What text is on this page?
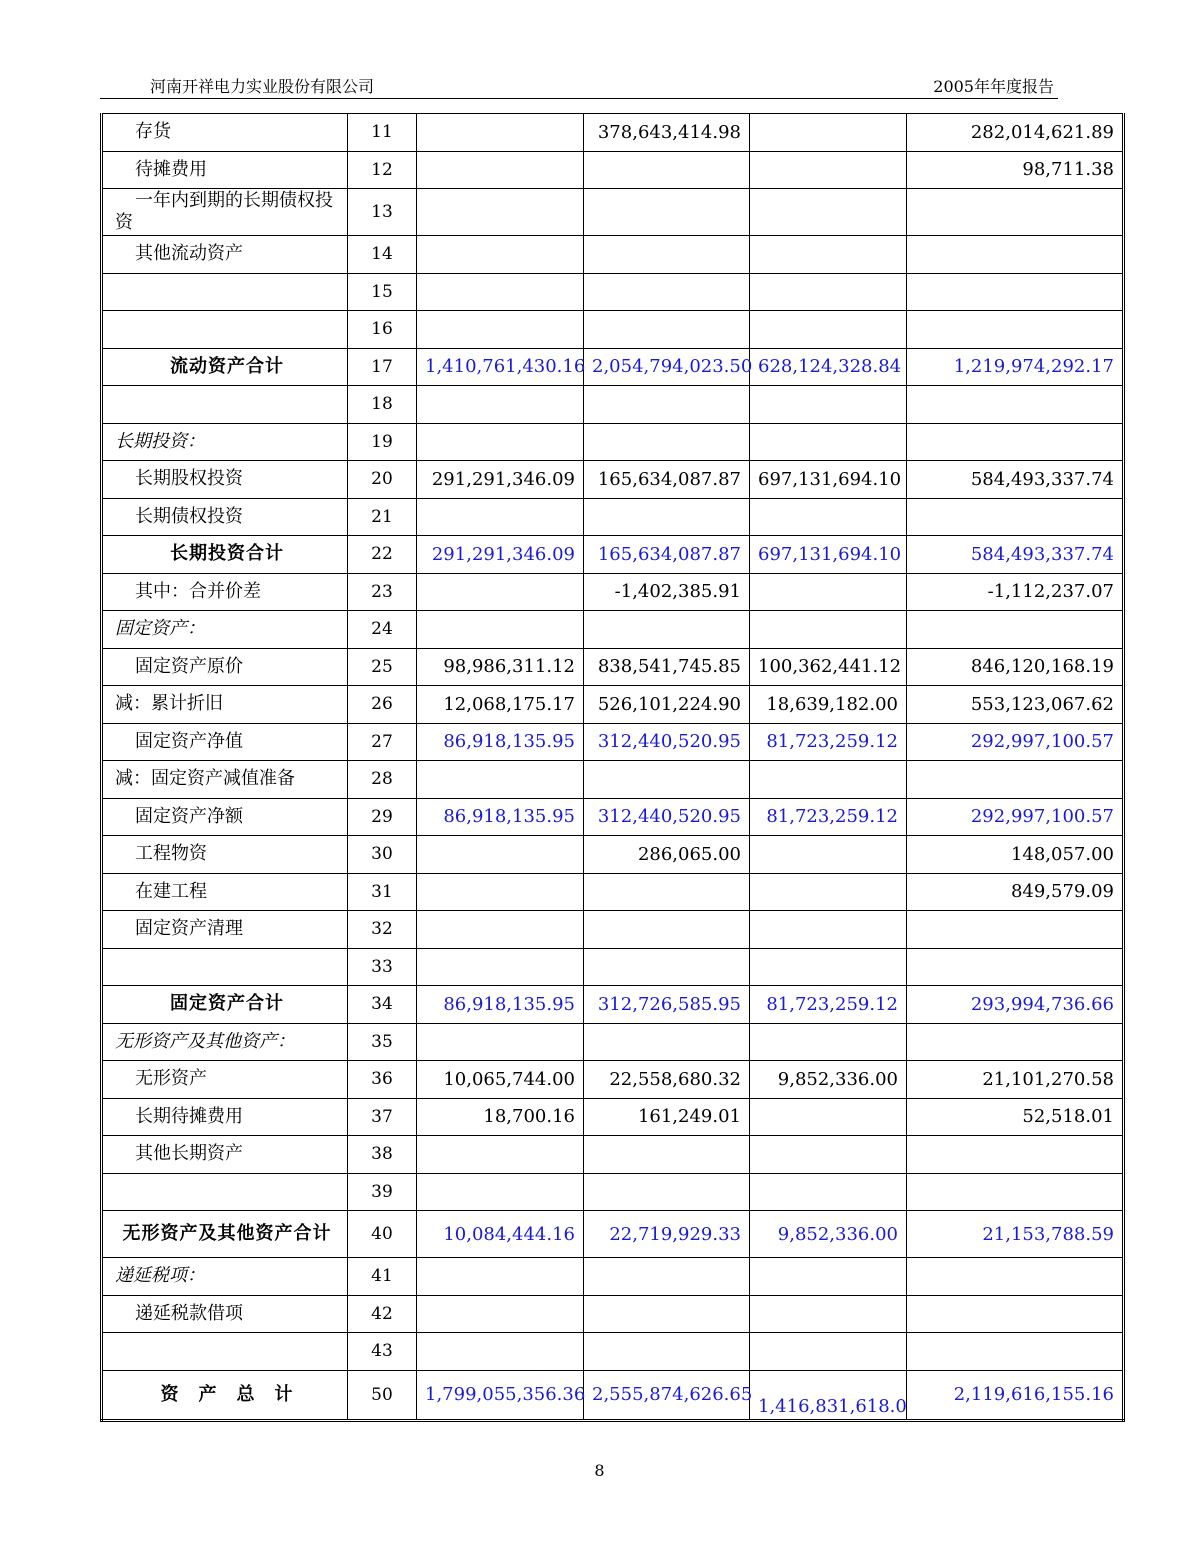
河南开祥电力实业股份有限公司	2005年年度报告
存货	11		378,643,414.98		282,014,621.89
待摊费用	12				98,711.38
一年内到期的长期债权投资	13				
其他流动资产	14				
	15				
	16				
流动资产合计	17	1,410,761,430.16	2,054,794,023.50	628,124,328.84	1,219,974,292.17
	18				
长期投资：	19				
长期股权投资	20	291,291,346.09	165,634,087.87	697,131,694.10	584,493,337.74
长期债权投资	21				
长期投资合计	22	291,291,346.09	165,634,087.87	697,131,694.10	584,493,337.74
其中：合并价差	23		-1,402,385.91		-1,112,237.07
固定资产：	24				
固定资产原价	25	98,986,311.12	838,541,745.85	100,362,441.12	846,120,168.19
减：累计折旧	26	12,068,175.17	526,101,224.90	18,639,182.00	553,123,067.62
固定资产净值	27	86,918,135.95	312,440,520.95	81,723,259.12	292,997,100.57
减：固定资产减值准备	28				
固定资产净额	29	86,918,135.95	312,440,520.95	81,723,259.12	292,997,100.57
工程物资	30		286,065.00		148,057.00
在建工程	31				849,579.09
固定资产清理	32				
	33				
固定资产合计	34	86,918,135.95	312,726,585.95	81,723,259.12	293,994,736.66
无形资产及其他资产：	35				
无形资产	36	10,065,744.00	22,558,680.32	9,852,336.00	21,101,270.58
长期待摊费用	37	18,700.16	161,249.01		52,518.01
其他长期资产	38				
	39				
无形资产及其他资产合计	40	10,084,444.16	22,719,929.33	9,852,336.00	21,153,788.59
递延税项：	41				
递延税款借项	42				
	43				
资　产　总　计	50	1,799,055,356.36	2,555,874,626.65	1,416,831,618.0	2,119,616,155.16
8
